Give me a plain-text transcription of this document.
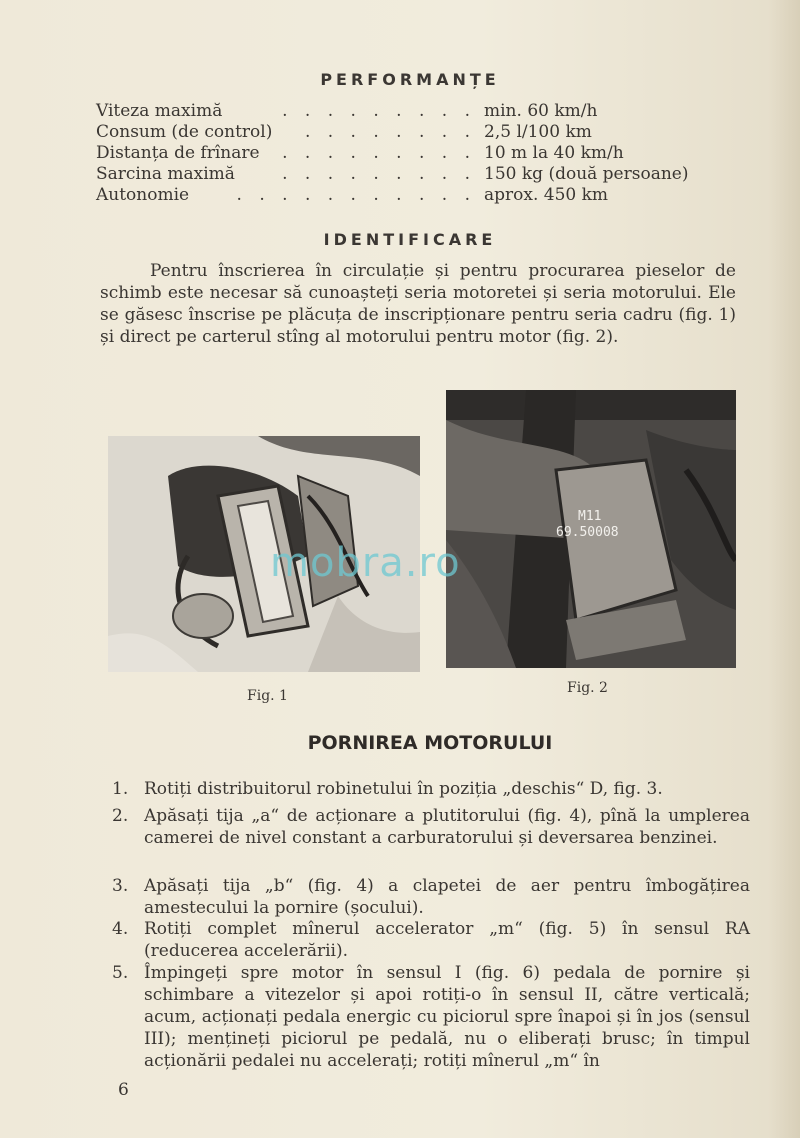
PERFORMANȚE
Viteza maximă	. . . . . . . . . min. 60 km/h
Consum (de control)	. . . . . . . . 2,5 l/100 km
Distanța de frînare	. . . . . . . . . 10 m la 40 km/h
Sarcina maximă	. . . . . . . . . 150 kg (două persoane)
Autonomie	. . . . . . . . . . . aprox. 450 km
IDENTIFICARE
Pentru înscrierea în circulație și pentru procurarea pieselor de schimb este necesar să cunoașteți seria motoretei și seria motorului. Ele se găsesc înscrise pe plăcuța de inscripționare pentru seria cadru (fig. 1) și direct pe carterul stîng al motorului pentru motor (fig. 2).
Fig. 1
M11
69.50008
Fig. 2
mobra.ro
PORNIREA MOTORULUI
1. Rotiți distribuitorul robinetului în poziția „deschis“ D, fig. 3.
2. Apăsați tija „a“ de acționare a plutitorului (fig. 4), pînă la umplerea camerei de nivel constant a carburatorului și deversarea benzinei.
3. Apăsați tija „b“ (fig. 4) a clapetei de aer pentru îmbogățirea amestecului la pornire (șocului).
4. Rotiți complet mînerul accelerator „m“ (fig. 5) în sensul RA (reducerea accelerării).
5. Împingeți spre motor în sensul I (fig. 6) pedala de pornire și schimbare a vitezelor și apoi rotiți-o în sensul II, către verticală; acum, acționați pedala energic cu piciorul spre înapoi și în jos (sensul III); mențineți piciorul pe pedală, nu o eliberați brusc; în timpul acționării pedalei nu accelerați; rotiți mînerul „m“ în
6
